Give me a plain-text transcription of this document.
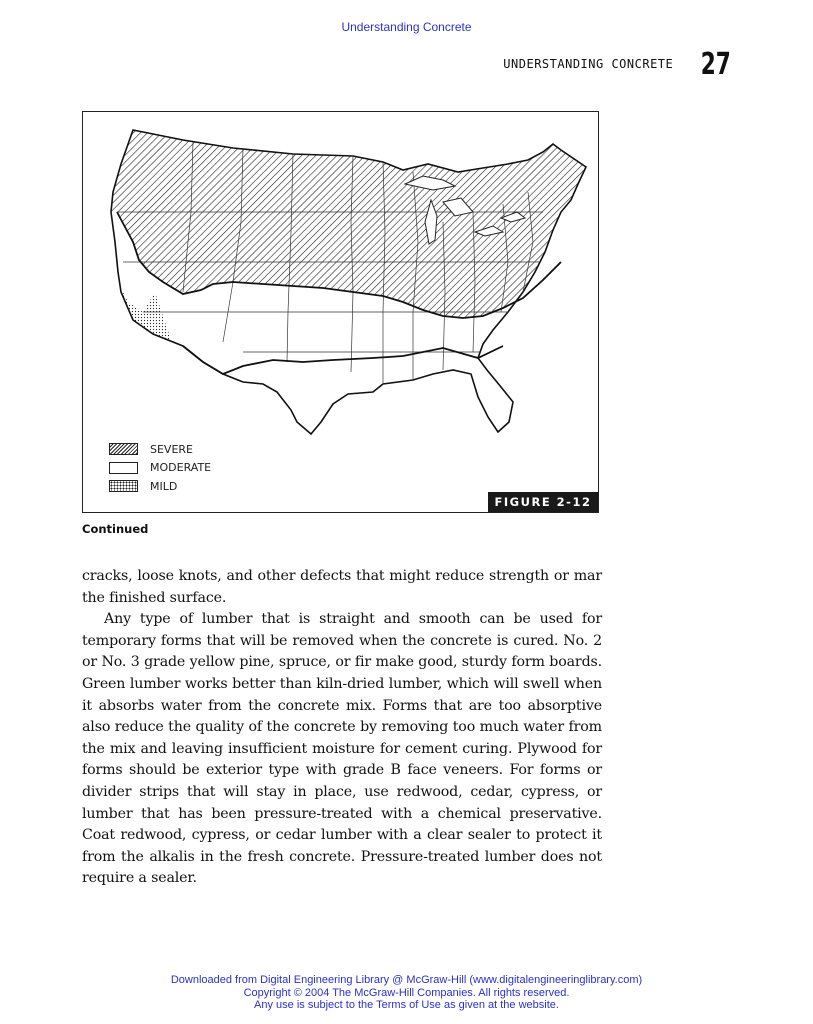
Understanding Concrete
UNDERSTANDING CONCRETE 27
SEVERE
MODERATE
MILD
FIGURE 2-12
Continued

cracks, loose knots, and other defects that might reduce strength or mar the finished surface.

Any type of lumber that is straight and smooth can be used for temporary forms that will be removed when the concrete is cured. No. 2 or No. 3 grade yellow pine, spruce, or fir make good, sturdy form boards. Green lumber works better than kiln-dried lumber, which will swell when it absorbs water from the concrete mix. Forms that are too absorptive also reduce the quality of the concrete by removing too much water from the mix and leaving insufficient moisture for cement curing. Plywood for forms should be exterior type with grade B face veneers. For forms or divider strips that will stay in place, use redwood, cedar, cypress, or lumber that has been pressure-treated with a chemical preservative. Coat redwood, cypress, or cedar lumber with a clear sealer to protect it from the alkalis in the fresh concrete. Pressure-treated lumber does not require a sealer.

Downloaded from Digital Engineering Library @ McGraw-Hill (www.digitalengineeringlibrary.com)
Copyright © 2004 The McGraw-Hill Companies. All rights reserved.
Any use is subject to the Terms of Use as given at the website.
